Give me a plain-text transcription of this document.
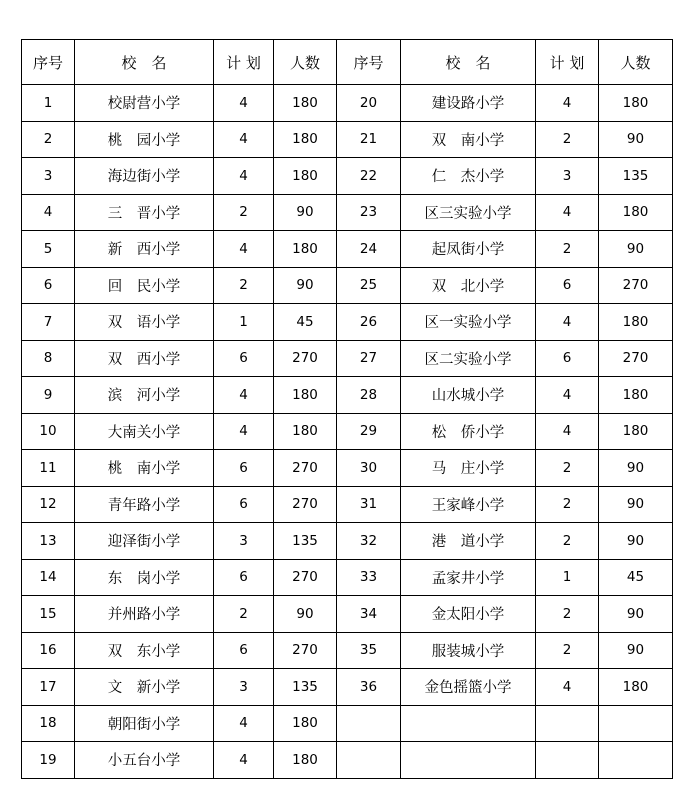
序号	校　名	计 划	人数	序号	校　名	计 划	人数
1	校尉营小学	4	180	20	建设路小学	4	180
2	桃　园小学	4	180	21	双　南小学	2	90
3	海边街小学	4	180	22	仁　杰小学	3	135
4	三　晋小学	2	90	23	区三实验小学	4	180
5	新　西小学	4	180	24	起凤街小学	2	90
6	回　民小学	2	90	25	双　北小学	6	270
7	双　语小学	1	45	26	区一实验小学	4	180
8	双　西小学	6	270	27	区二实验小学	6	270
9	滨　河小学	4	180	28	山水城小学	4	180
10	大南关小学	4	180	29	松　侨小学	4	180
11	桃　南小学	6	270	30	马　庄小学	2	90
12	青年路小学	6	270	31	王家峰小学	2	90
13	迎泽街小学	3	135	32	港　道小学	2	90
14	东　岗小学	6	270	33	孟家井小学	1	45
15	并州路小学	2	90	34	金太阳小学	2	90
16	双　东小学	6	270	35	服装城小学	2	90
17	文　新小学	3	135	36	金色摇篮小学	4	180
18	朝阳街小学	4	180				
19	小五台小学	4	180				
